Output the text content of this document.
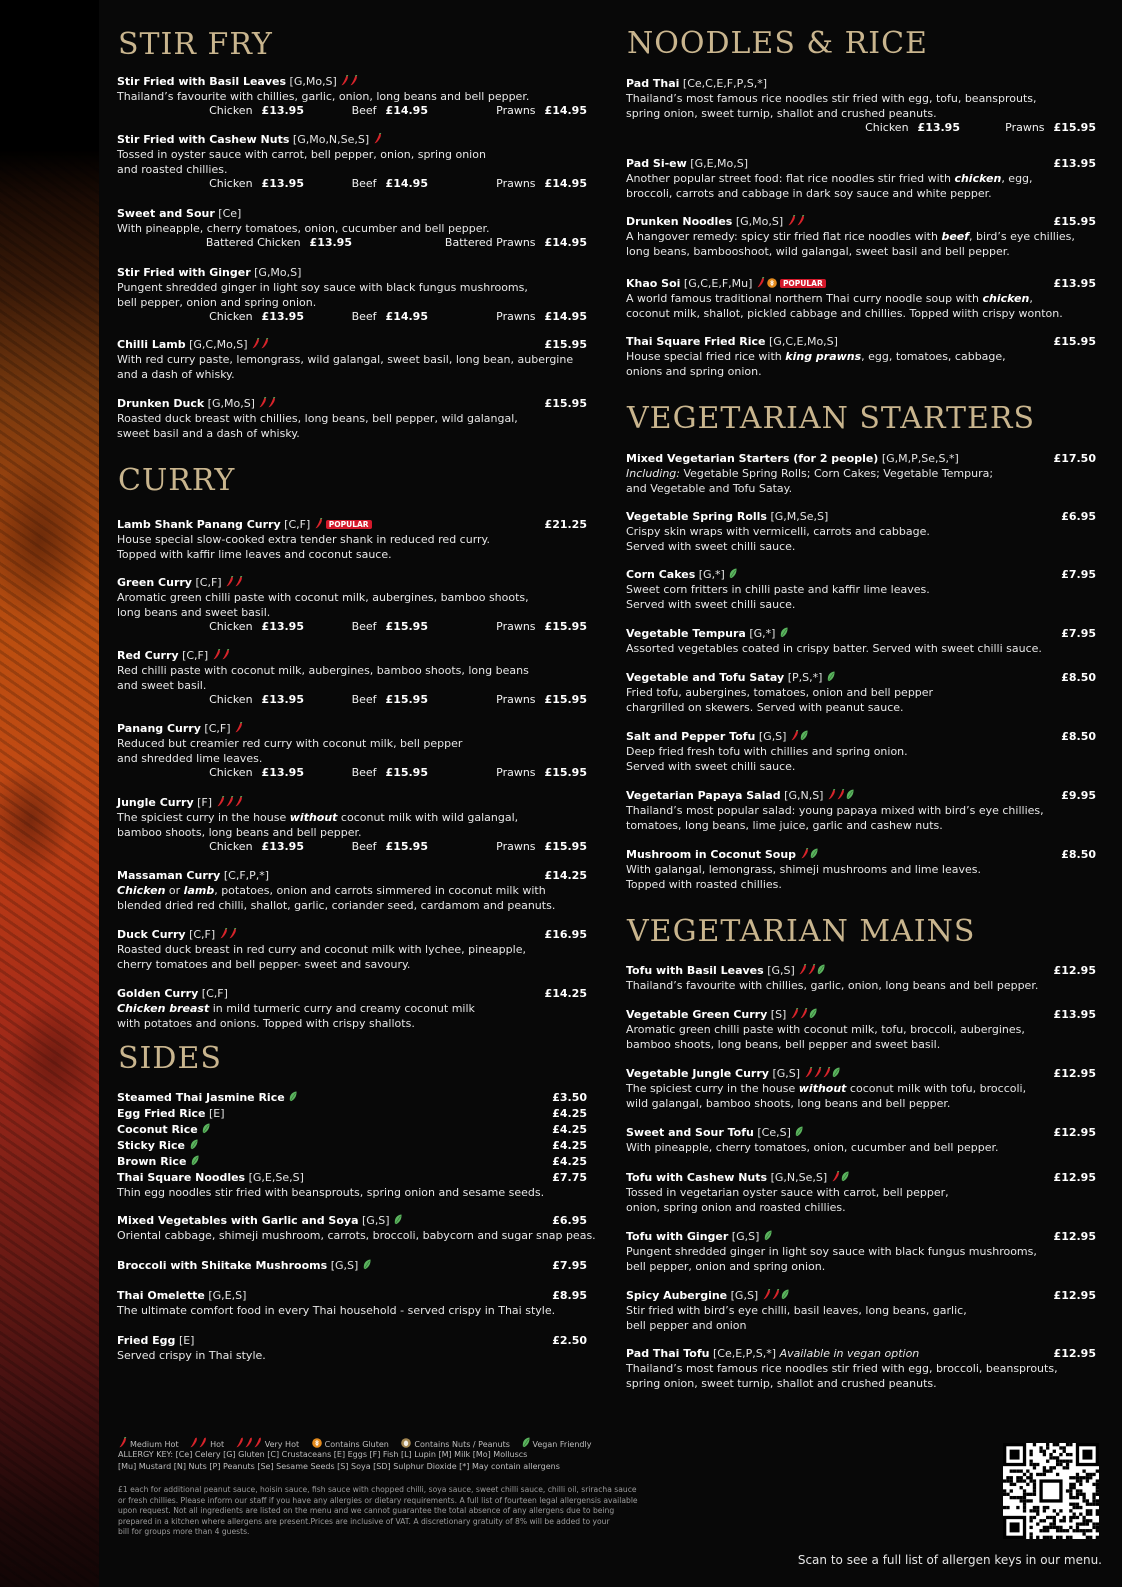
STIR FRY
CURRY
SIDES
NOODLES & RICE
VEGETARIAN STARTERS
VEGETARIAN MAINS
Stir Fried with Basil Leaves [G,Mo,S]
Thailand’s favourite with chillies, garlic, onion, long beans and bell pepper.
Chicken £13.95	Beef £14.95	Prawns £14.95
Stir Fried with Cashew Nuts [G,Mo,N,Se,S]
Tossed in oyster sauce with carrot, bell pepper, onion, spring onion
and roasted chillies.
Chicken £13.95	Beef £14.95	Prawns £14.95
Sweet and Sour [Ce]
With pineapple, cherry tomatoes, onion, cucumber and bell pepper.
Battered Chicken £13.95	Battered Prawns £14.95
Stir Fried with Ginger [G,Mo,S]
Pungent shredded ginger in light soy sauce with black fungus mushrooms,
bell pepper, onion and spring onion.
Chicken £13.95	Beef £14.95	Prawns £14.95
Chilli Lamb [G,C,Mo,S]	£15.95
With red curry paste, lemongrass, wild galangal, sweet basil, long bean, aubergine
and a dash of whisky.
Drunken Duck [G,Mo,S]	£15.95
Roasted duck breast with chillies, long beans, bell pepper, wild galangal,
sweet basil and a dash of whisky.
Lamb Shank Panang Curry [C,F] POPULAR	£21.25
House special slow-cooked extra tender shank in reduced red curry.
Topped with kaffir lime leaves and coconut sauce.
Green Curry [C,F]
Aromatic green chilli paste with coconut milk, aubergines, bamboo shoots,
long beans and sweet basil.
Chicken £13.95	Beef £15.95	Prawns £15.95
Red Curry [C,F]
Red chilli paste with coconut milk, aubergines, bamboo shoots, long beans
and sweet basil.
Chicken £13.95	Beef £15.95	Prawns £15.95
Panang Curry [C,F]
Reduced but creamier red curry with coconut milk, bell pepper
and shredded lime leaves.
Chicken £13.95	Beef £15.95	Prawns £15.95
Jungle Curry [F]
The spiciest curry in the house without coconut milk with wild galangal,
bamboo shoots, long beans and bell pepper.
Chicken £13.95	Beef £15.95	Prawns £15.95
Massaman Curry [C,F,P,*]	£14.25
Chicken or lamb, potatoes, onion and carrots simmered in coconut milk with
blended dried red chilli, shallot, garlic, coriander seed, cardamom and peanuts.
Duck Curry [C,F]	£16.95
Roasted duck breast in red curry and coconut milk with lychee, pineapple,
cherry tomatoes and bell pepper- sweet and savoury.
Golden Curry [C,F]	£14.25
Chicken breast in mild turmeric curry and creamy coconut milk
with potatoes and onions. Topped with crispy shallots.
Steamed Thai Jasmine Rice	£3.50
Egg Fried Rice [E]	£4.25
Coconut Rice	£4.25
Sticky Rice	£4.25
Brown Rice	£4.25
Thai Square Noodles [G,E,Se,S]	£7.75
Thin egg noodles stir fried with beansprouts, spring onion and sesame seeds.
Mixed Vegetables with Garlic and Soya [G,S]	£6.95
Oriental cabbage, shimeji mushroom, carrots, broccoli, babycorn and sugar snap peas.
Broccoli with Shiitake Mushrooms [G,S]	£7.95
Thai Omelette [G,E,S]	£8.95
The ultimate comfort food in every Thai household - served crispy in Thai style.
Fried Egg [E]	£2.50
Served crispy in Thai style.
Pad Thai [Ce,C,E,F,P,S,*]
Thailand’s most famous rice noodles stir fried with egg, tofu, beansprouts,
spring onion, sweet turnip, shallot and crushed peanuts.
Chicken £13.95	Prawns £15.95
Pad Si-ew [G,E,Mo,S]	£13.95
Another popular street food: flat rice noodles stir fried with chicken, egg,
broccoli, carrots and cabbage in dark soy sauce and white pepper.
Drunken Noodles [G,Mo,S]	£15.95
A hangover remedy: spicy stir fried flat rice noodles with beef, bird’s eye chillies,
long beans, bambooshoot, wild galangal, sweet basil and bell pepper.
Khao Soi [G,C,E,F,Mu]	POPULAR	£13.95
A world famous traditional northern Thai curry noodle soup with chicken,
coconut milk, shallot, pickled cabbage and chillies. Topped wiith crispy wonton.
Thai Square Fried Rice [G,C,E,Mo,S]	£15.95
House special fried rice with king prawns, egg, tomatoes, cabbage,
onions and spring onion.
Mixed Vegetarian Starters (for 2 people) [G,M,P,Se,S,*]	£17.50
Including: Vegetable Spring Rolls; Corn Cakes; Vegetable Tempura;
and Vegetable and Tofu Satay.
Vegetable Spring Rolls [G,M,Se,S]	£6.95
Crispy skin wraps with vermicelli, carrots and cabbage.
Served with sweet chilli sauce.
Corn Cakes [G,*]	£7.95
Sweet corn fritters in chilli paste and kaffir lime leaves.
Served with sweet chilli sauce.
Vegetable Tempura [G,*]	£7.95
Assorted vegetables coated in crispy batter. Served with sweet chilli sauce.
Vegetable and Tofu Satay [P,S,*]	£8.50
Fried tofu, aubergines, tomatoes, onion and bell pepper
chargrilled on skewers. Served with peanut sauce.
Salt and Pepper Tofu [G,S]	£8.50
Deep fried fresh tofu with chillies and spring onion.
Served with sweet chilli sauce.
Vegetarian Papaya Salad [G,N,S]	£9.95
Thailand’s most popular salad: young papaya mixed with bird’s eye chillies,
tomatoes, long beans, lime juice, garlic and cashew nuts.
Mushroom in Coconut Soup	£8.50
With galangal, lemongrass, shimeji mushrooms and lime leaves.
Topped with roasted chillies.
Tofu with Basil Leaves [G,S]	£12.95
Thailand’s favourite with chillies, garlic, onion, long beans and bell pepper.
Vegetable Green Curry [S]	£13.95
Aromatic green chilli paste with coconut milk, tofu, broccoli, aubergines,
bamboo shoots, long beans, bell pepper and sweet basil.
Vegetable Jungle Curry [G,S]	£12.95
The spiciest curry in the house without coconut milk with tofu, broccoli,
wild galangal, bamboo shoots, long beans and bell pepper.
Sweet and Sour Tofu [Ce,S]	£12.95
With pineapple, cherry tomatoes, onion, cucumber and bell pepper.
Tofu with Cashew Nuts [G,N,Se,S]	£12.95
Tossed in vegetarian oyster sauce with carrot, bell pepper,
onion, spring onion and roasted chillies.
Tofu with Ginger [G,S]	£12.95
Pungent shredded ginger in light soy sauce with black fungus mushrooms,
bell pepper, onion and spring onion.
Spicy Aubergine [G,S]	£12.95
Stir fried with bird’s eye chilli, basil leaves, long beans, garlic,
bell pepper and onion
Pad Thai Tofu [Ce,E,P,S,*] Available in vegan option	£12.95
Thailand’s most famous rice noodles stir fried with egg, broccoli, beansprouts,
spring onion, sweet turnip, shallot and crushed peanuts.
Medium Hot	Hot	Very Hot	Contains Gluten	Contains Nuts / Peanuts	Vegan Friendly
ALLERGY KEY: [Ce] Celery [G] Gluten [C] Crustaceans [E] Eggs [F] Fish [L] Lupin [M] Milk [Mo] Molluscs
[Mu] Mustard [N] Nuts [P] Peanuts [Se] Sesame Seeds [S] Soya [SD] Sulphur Dioxide [*] May contain allergens
£1 each for additional peanut sauce, hoisin sauce, fish sauce with chopped chilli, soya sauce, sweet chilli sauce, chilli oil, sriracha sauce
or fresh chillies. Please inform our staff if you have any allergies or dietary requirements. A full list of fourteen legal allergensis available
upon request. Not all ingredients are listed on the menu and we cannot guarantee the total absence of any allergens due to being
prepared in a kitchen where allergens are present.Prices are inclusive of VAT. A discretionary gratuity of 8% will be added to your
bill for groups more than 4 guests.
Scan to see a full list of allergen keys in our menu.
